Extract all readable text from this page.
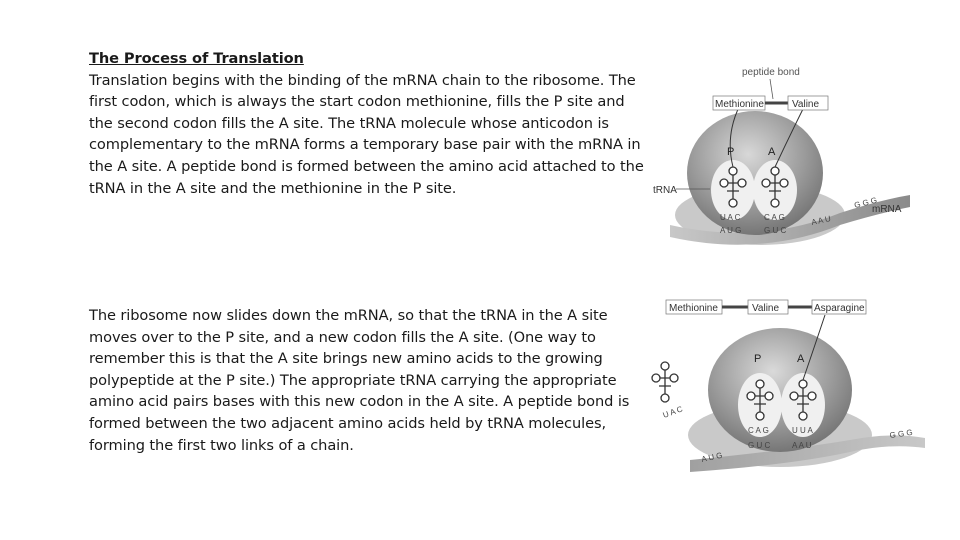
The Process of Translation
Translation begins with the binding of the mRNA chain to the ribosome. The first codon, which is always the start codon methionine, fills the P site and the second codon fills the A site. The tRNA molecule whose anticodon is complementary to the mRNA forms a temporary base pair with the mRNA in the A site. A peptide bond is formed between the amino acid attached to the tRNA in the A site and the methionine in the P site.
The ribosome now slides down the mRNA, so that the tRNA in the A site moves over to the P site, and a new codon fills the A site. (One way to remember this is that the A site brings new amino acids to the growing polypeptide at the P site.) The appropriate tRNA carrying the appropriate amino acid pairs bases with this new codon in the A site. A peptide bond is formed between the two adjacent amino acids held by tRNA molecules, forming the first two links of a chain.
peptide bond
Methionine	Valine
P	A
tRNA
mRNA
U A C	C A G
A U G	G U C
A A U
G G G
Methionine	Valine	Asparagine
P	A
U A C
C A G	U U A
A U G
G U C	A A U
G G G
